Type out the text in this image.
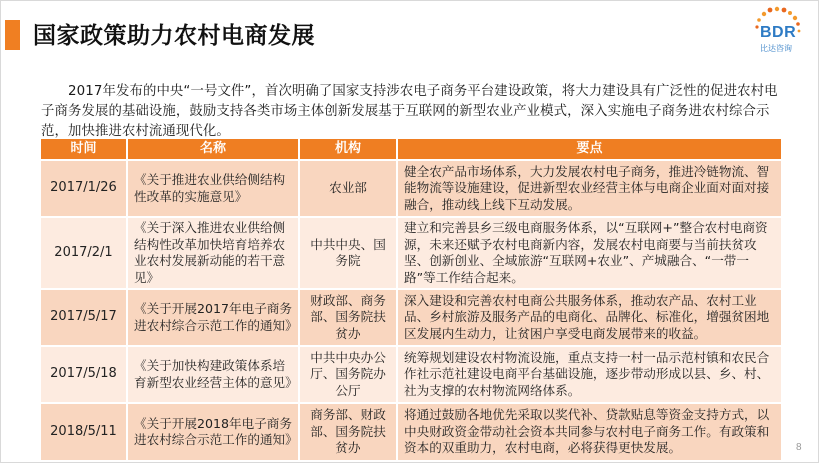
国家政策助力农村电商发展	BDR
比达咨询

2017年发布的中央“一号文件”，首次明确了国家支持涉农电子商务平台建设政策，将大力建设具有广泛性的促进农村电子商务发展的基础设施，鼓励支持各类市场主体创新发展基于互联网的新型农业产业模式，深入实施电子商务进农村综合示范，加快推进农村流通现代化。

时间	名称	机构	要点
2017/1/26	《关于推进农业供给侧结构性改革的实施意见》	农业部	健全农产品市场体系，大力发展农村电子商务，推进冷链物流、智能物流等设施建设，促进新型农业经营主体与电商企业面对面对接融合，推动线上线下互动发展。
2017/2/1	《关于深入推进农业供给侧结构性改革加快培育培养农业农村发展新动能的若干意见》	中共中央、国务院	建立和完善县乡三级电商服务体系，以“互联网+”整合农村电商资源，未来还赋予农村电商新内容，发展农村电商要与当前扶贫攻坚、创新创业、全域旅游“互联网+农业”、产城融合、“一带一路”等工作结合起来。
2017/5/17	《关于开展2017年电子商务进农村综合示范工作的通知》	财政部、商务部、国务院扶贫办	深入建设和完善农村电商公共服务体系，推动农产品、农村工业品、乡村旅游及服务产品的电商化、品牌化、标准化，增强贫困地区发展内生动力，让贫困户享受电商发展带来的收益。
2017/5/18	《关于加快构建政策体系培育新型农业经营主体的意见》	中共中央办公厅、国务院办公厅	统筹规划建设农村物流设施，重点支持一村一品示范村镇和农民合作社示范社建设电商平台基础设施，逐步带动形成以县、乡、村、社为支撑的农村物流网络体系。
2018/5/11	《关于开展2018年电子商务进农村综合示范工作的通知》	商务部、财政部、国务院扶贫办	将通过鼓励各地优先采取以奖代补、贷款贴息等资金支持方式，以中央财政资金带动社会资本共同参与农村电子商务工作。有政策和资本的双重助力，农村电商，必将获得更快发展。	8
